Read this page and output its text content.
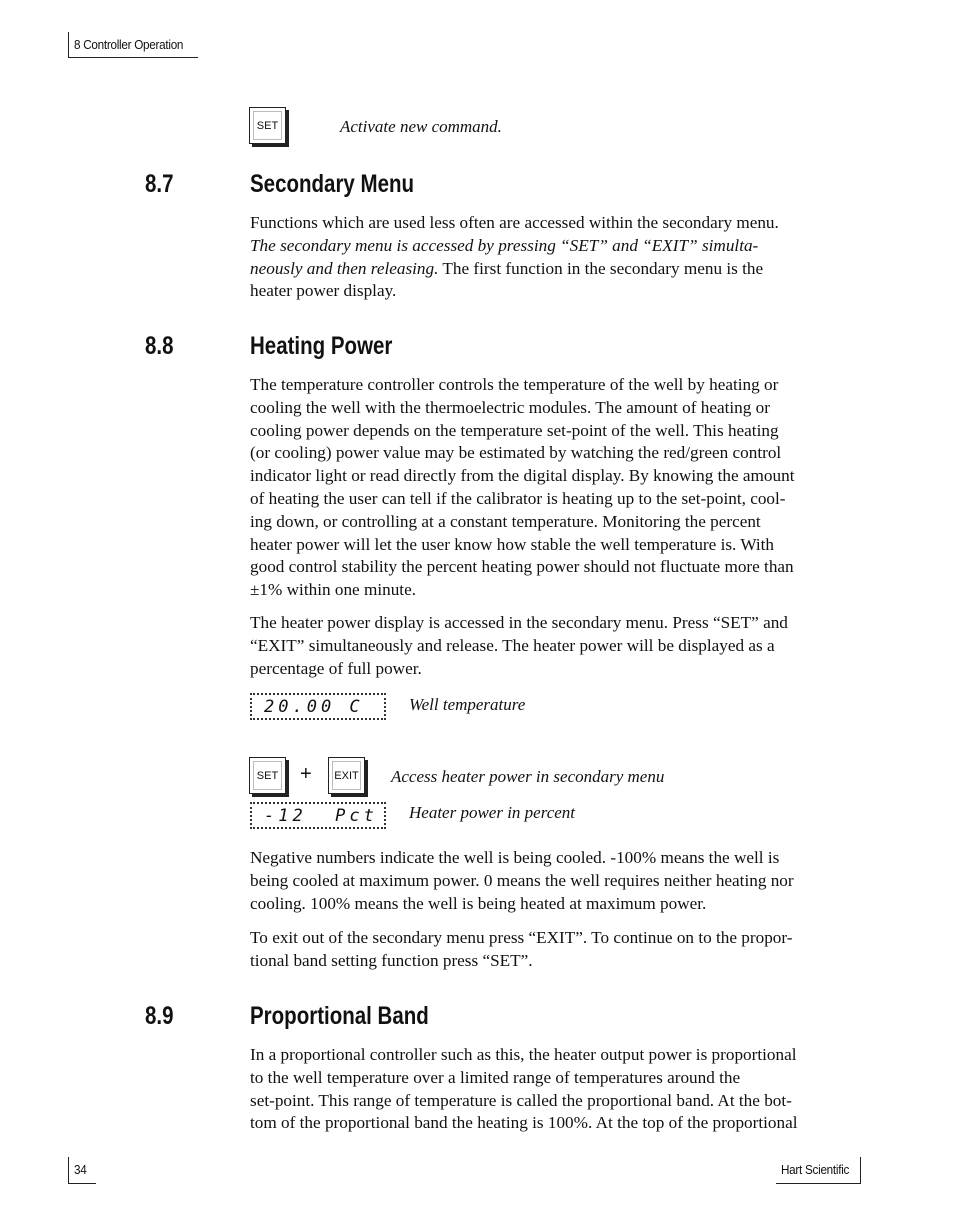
8 Controller Operation
SET	Activate new command.
8.7	Secondary Menu

Functions which are used less often are accessed within the secondary menu.

The secondary menu is accessed by pressing “SET” and “EXIT” simulta-

neously and then releasing. The first function in the secondary menu is the

heater power display.

8.8	Heating Power

The temperature controller controls the temperature of the well by heating or

cooling the well with the thermoelectric modules. The amount of heating or

cooling power depends on the temperature set-point of the well. This heating

(or cooling) power value may be estimated by watching the red/green control

indicator light or read directly from the digital display. By knowing the amount

of heating the user can tell if the calibrator is heating up to the set-point, cool-

ing down, or controlling at a constant temperature. Monitoring the percent

heater power will let the user know how stable the well temperature is. With

good control stability the percent heating power should not fluctuate more than

±1% within one minute.

The heater power display is accessed in the secondary menu. Press “SET” and

“EXIT” simultaneously and release. The heater power will be displayed as a

percentage of full power.

20.00 C	Well temperature
SET + EXIT Access heater power in secondary menu
-12  Pct	Heater power in percent

Negative numbers indicate the well is being cooled. -100% means the well is

being cooled at maximum power. 0 means the well requires neither heating nor

cooling. 100% means the well is being heated at maximum power.

To exit out of the secondary menu press “EXIT”. To continue on to the propor-

tional band setting function press “SET”.

8.9	Proportional Band

In a proportional controller such as this, the heater output power is proportional

to the well temperature over a limited range of temperatures around the

set-point. This range of temperature is called the proportional band. At the bot-

tom of the proportional band the heating is 100%. At the top of the proportional

34	Hart Scientific
